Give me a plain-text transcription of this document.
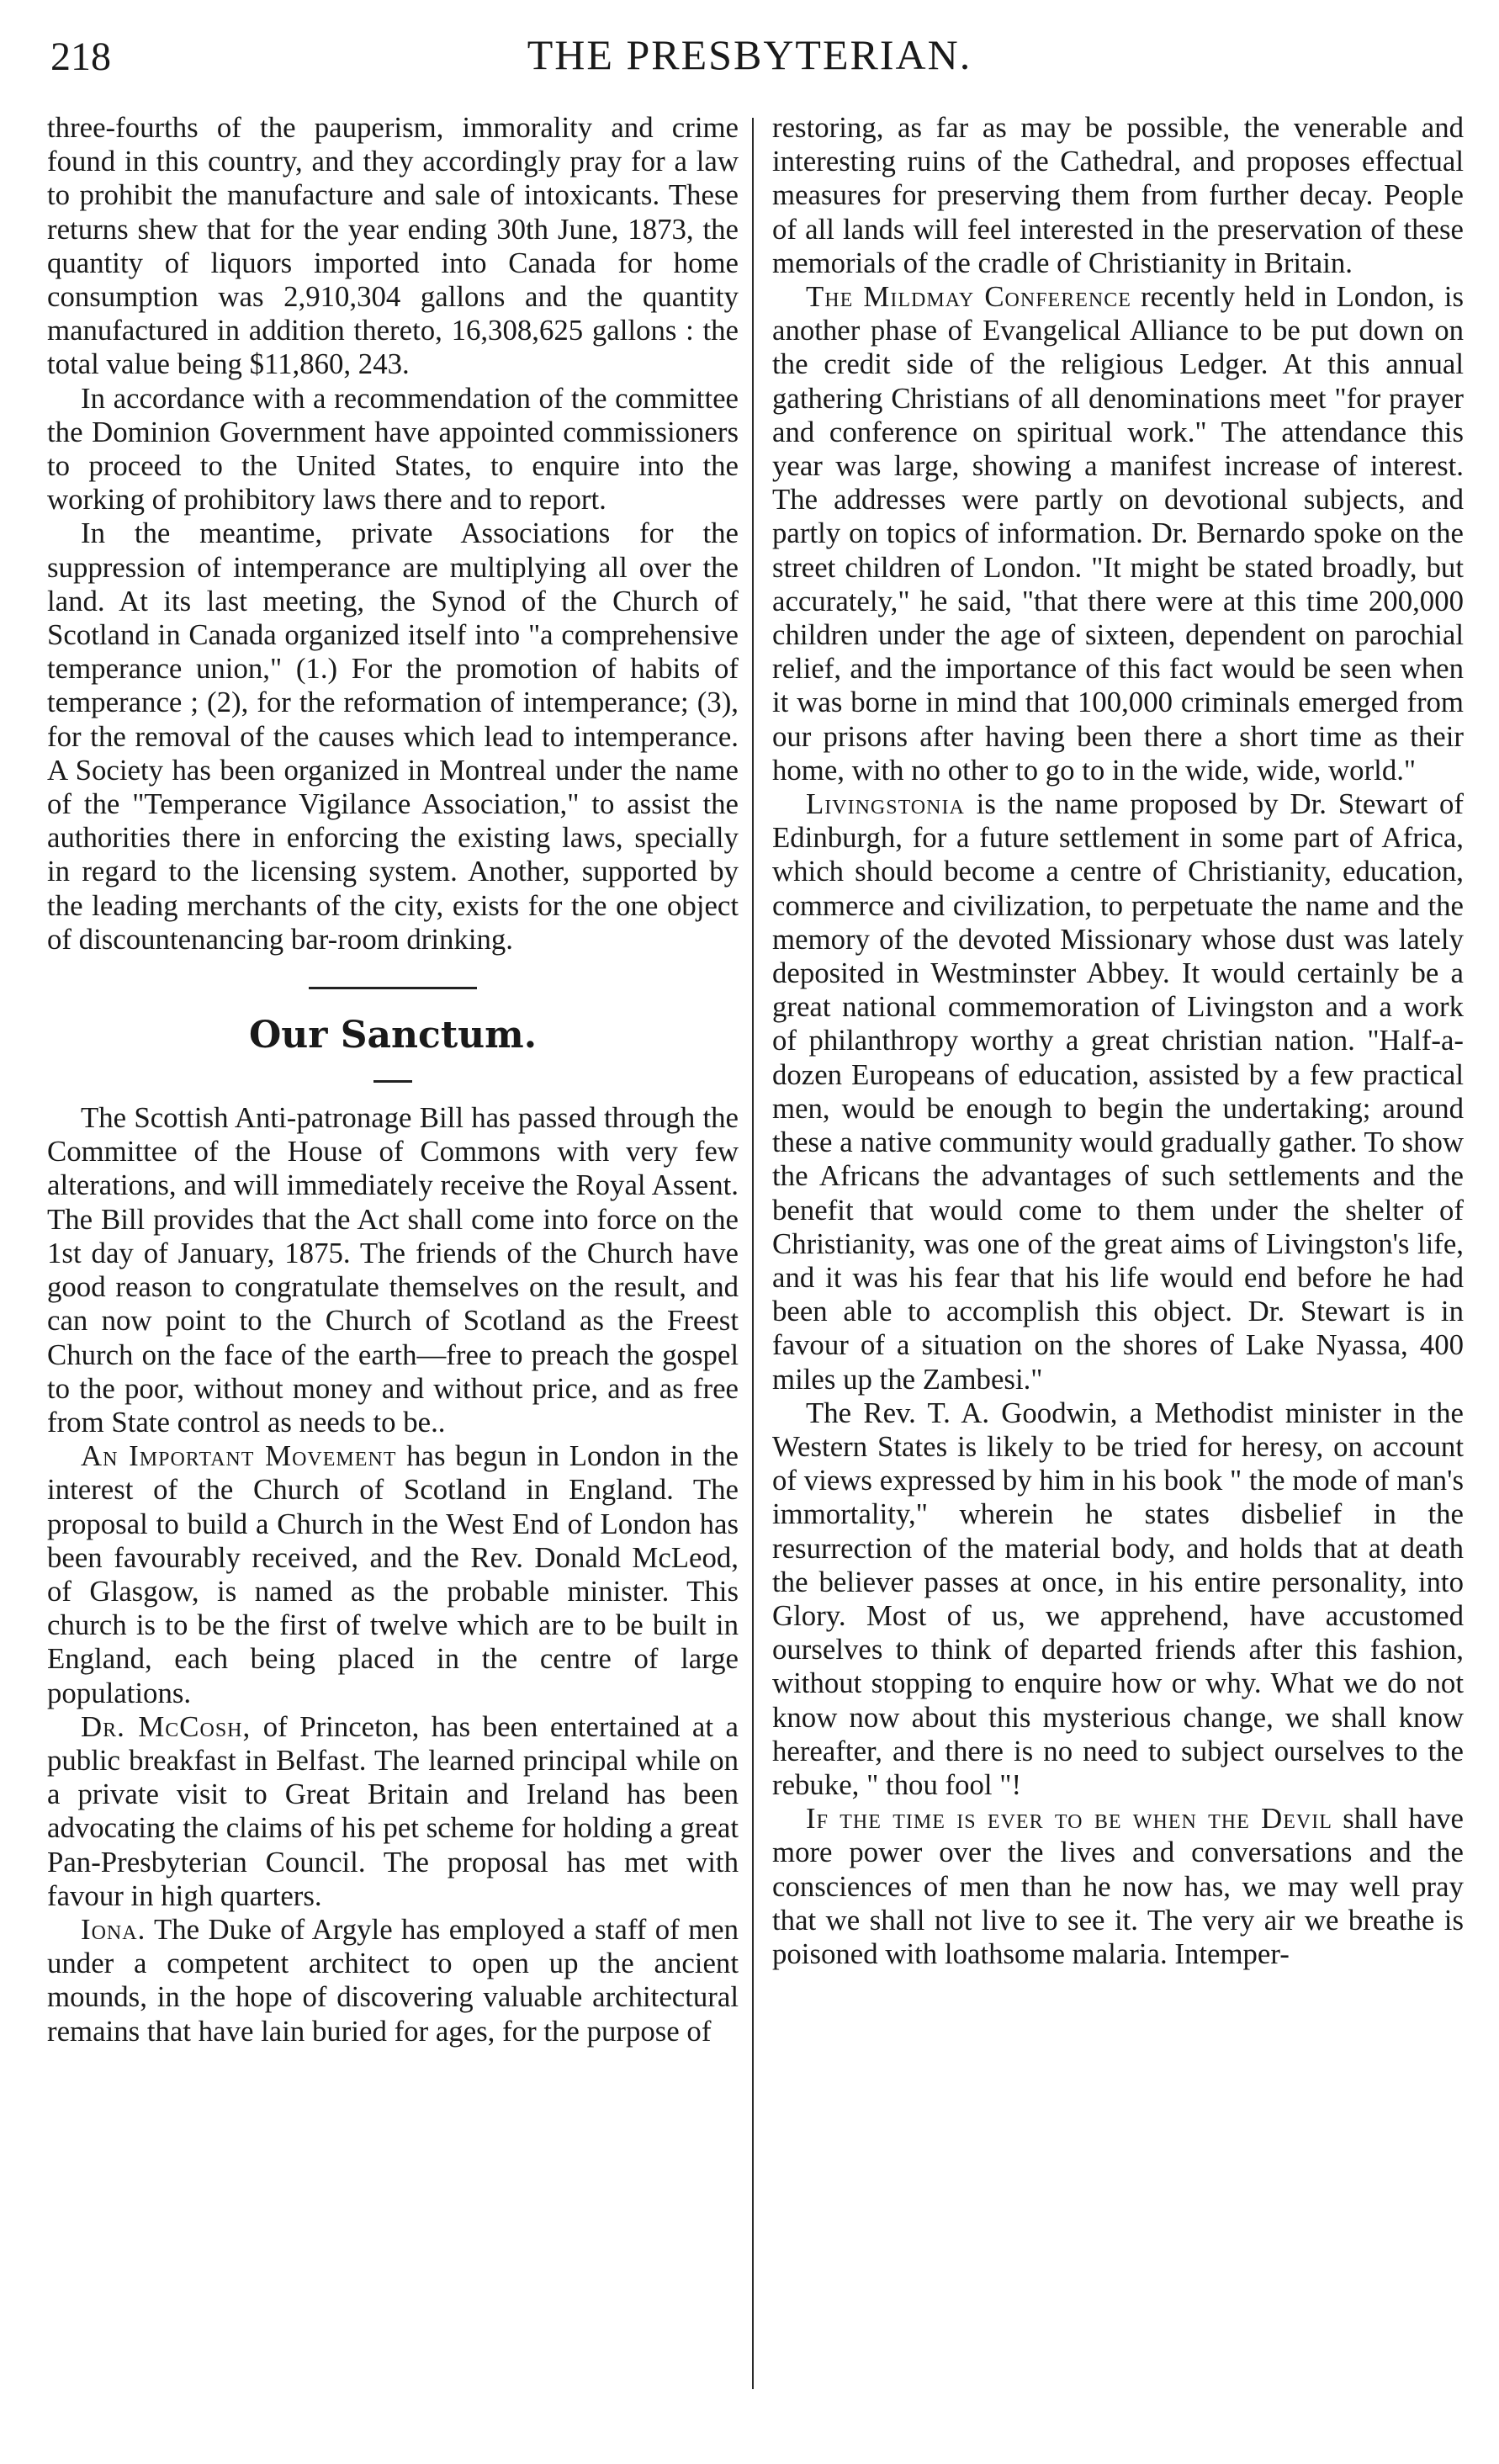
218	THE PRESBYTERIAN.

three-fourths of the pauperism, immorality and crime found in this country, and they accordingly pray for a law to prohibit the manufacture and sale of intoxicants. These returns shew that for the year ending 30th June, 1873, the quantity of liquors imported into Canada for home consumption was 2,910,304 gallons and the quantity manufactured in addition thereto, 16,308,625 gallons : the total value being $11,860, 243.

In accordance with a recommendation of the committee the Dominion Government have appointed commissioners to proceed to the United States, to enquire into the working of prohibitory laws there and to report.

In the meantime, private Associations for the suppression of intemperance are multiplying all over the land. At its last meeting, the Synod of the Church of Scotland in Canada organized itself into "a comprehensive temperance union," (1.) For the promotion of habits of temperance ; (2), for the reformation of intemperance; (3), for the removal of the causes which lead to intemperance. A Society has been organized in Montreal under the name of the "Temperance Vigilance Association," to assist the authorities there in enforcing the existing laws, specially in regard to the licensing system. Another, supported by the leading merchants of the city, exists for the one object of discountenancing bar-room drinking.

Our Sanctum.

The Scottish Anti-patronage Bill has passed through the Committee of the House of Commons with very few alterations, and will immediately receive the Royal Assent. The Bill provides that the Act shall come into force on the 1st day of January, 1875. The friends of the Church have good reason to congratulate themselves on the result, and can now point to the Church of Scotland as the Freest Church on the face of the earth—free to preach the gospel to the poor, without money and without price, and as free from State control as needs to be..

An Important Movement has begun in London in the interest of the Church of Scotland in England. The proposal to build a Church in the West End of London has been favourably received, and the Rev. Donald McLeod, of Glasgow, is named as the probable minister. This church is to be the first of twelve which are to be built in England, each being placed in the centre of large populations.

Dr. McCosh, of Princeton, has been entertained at a public breakfast in Belfast. The learned principal while on a private visit to Great Britain and Ireland has been advocating the claims of his pet scheme for holding a great Pan-Presbyterian Council. The proposal has met with favour in high quarters.

Iona. The Duke of Argyle has employed a staff of men under a competent architect to open up the ancient mounds, in the hope of discovering valuable architectural remains that have lain buried for ages, for the purpose of

restoring, as far as may be possible, the venerable and interesting ruins of the Cathedral, and proposes effectual measures for preserving them from further decay. People of all lands will feel interested in the preservation of these memorials of the cradle of Christianity in Britain.

The Mildmay Conference recently held in London, is another phase of Evangelical Alliance to be put down on the credit side of the religious Ledger. At this annual gathering Christians of all denominations meet "for prayer and conference on spiritual work." The attendance this year was large, showing a manifest increase of interest. The addresses were partly on devotional subjects, and partly on topics of information. Dr. Bernardo spoke on the street children of London. "It might be stated broadly, but accurately," he said, "that there were at this time 200,000 children under the age of sixteen, dependent on parochial relief, and the importance of this fact would be seen when it was borne in mind that 100,000 criminals emerged from our prisons after having been there a short time as their home, with no other to go to in the wide, wide, world."

Livingstonia is the name proposed by Dr. Stewart of Edinburgh, for a future settlement in some part of Africa, which should become a centre of Christianity, education, commerce and civilization, to perpetuate the name and the memory of the devoted Missionary whose dust was lately deposited in Westminster Abbey. It would certainly be a great national commemoration of Livingston and a work of philanthropy worthy a great christian nation. "Half-a-dozen Europeans of education, assisted by a few practical men, would be enough to begin the undertaking; around these a native community would gradually gather. To show the Africans the advantages of such settlements and the benefit that would come to them under the shelter of Christianity, was one of the great aims of Livingston's life, and it was his fear that his life would end before he had been able to accomplish this object. Dr. Stewart is in favour of a situation on the shores of Lake Nyassa, 400 miles up the Zambesi."

The Rev. T. A. Goodwin, a Methodist minister in the Western States is likely to be tried for heresy, on account of views expressed by him in his book " the mode of man's immortality," wherein he states disbelief in the resurrection of the material body, and holds that at death the believer passes at once, in his entire personality, into Glory. Most of us, we apprehend, have accustomed ourselves to think of departed friends after this fashion, without stopping to enquire how or why. What we do not know now about this mysterious change, we shall know hereafter, and there is no need to subject ourselves to the rebuke, " thou fool "!

If the time is ever to be when the Devil shall have more power over the lives and conversations and the consciences of men than he now has, we may well pray that we shall not live to see it. The very air we breathe is poisoned with loathsome malaria. Intemper-
